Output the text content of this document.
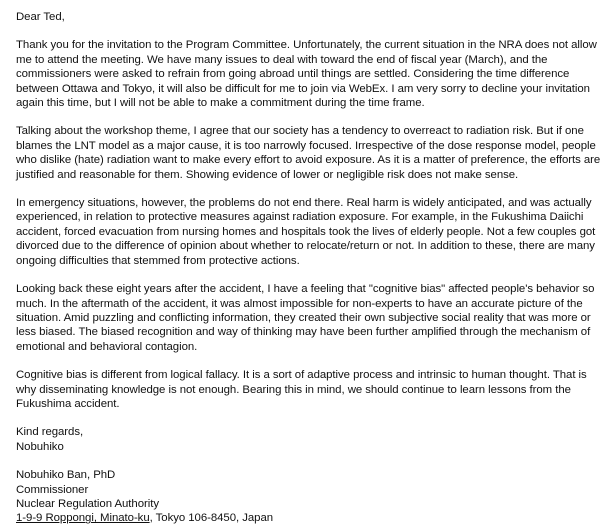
Dear Ted,
Thank you for the invitation to the Program Committee. Unfortunately, the current situation in the NRA does not allow
me to attend the meeting. We have many issues to deal with toward the end of fiscal year (March), and the
commissioners were asked to refrain from going abroad until things are settled. Considering the time difference
between Ottawa and Tokyo, it will also be difficult for me to join via WebEx. I am very sorry to decline your invitation
again this time, but I will not be able to make a commitment during the time frame.
Talking about the workshop theme, I agree that our society has a tendency to overreact to radiation risk. But if one
blames the LNT model as a major cause, it is too narrowly focused. Irrespective of the dose response model, people
who dislike (hate) radiation want to make every effort to avoid exposure. As it is a matter of preference, the efforts are
justified and reasonable for them. Showing evidence of lower or negligible risk does not make sense.
In emergency situations, however, the problems do not end there. Real harm is widely anticipated, and was actually
experienced, in relation to protective measures against radiation exposure. For example, in the Fukushima Daiichi
accident, forced evacuation from nursing homes and hospitals took the lives of elderly people. Not a few couples got
divorced due to the difference of opinion about whether to relocate/return or not. In addition to these, there are many
ongoing difficulties that stemmed from protective actions.
Looking back these eight years after the accident, I have a feeling that "cognitive bias" affected people's behavior so
much. In the aftermath of the accident, it was almost impossible for non-experts to have an accurate picture of the
situation. Amid puzzling and conflicting information, they created their own subjective social reality that was more or
less biased. The biased recognition and way of thinking may have been further amplified through the mechanism of
emotional and behavioral contagion.
Cognitive bias is different from logical fallacy. It is a sort of adaptive process and intrinsic to human thought. That is
why disseminating knowledge is not enough. Bearing this in mind, we should continue to learn lessons from the
Fukushima accident.
Kind regards,
Nobuhiko
Nobuhiko Ban, PhD
Commissioner
Nuclear Regulation Authority
1-9-9 Roppongi, Minato-ku, Tokyo 106-8450, Japan
